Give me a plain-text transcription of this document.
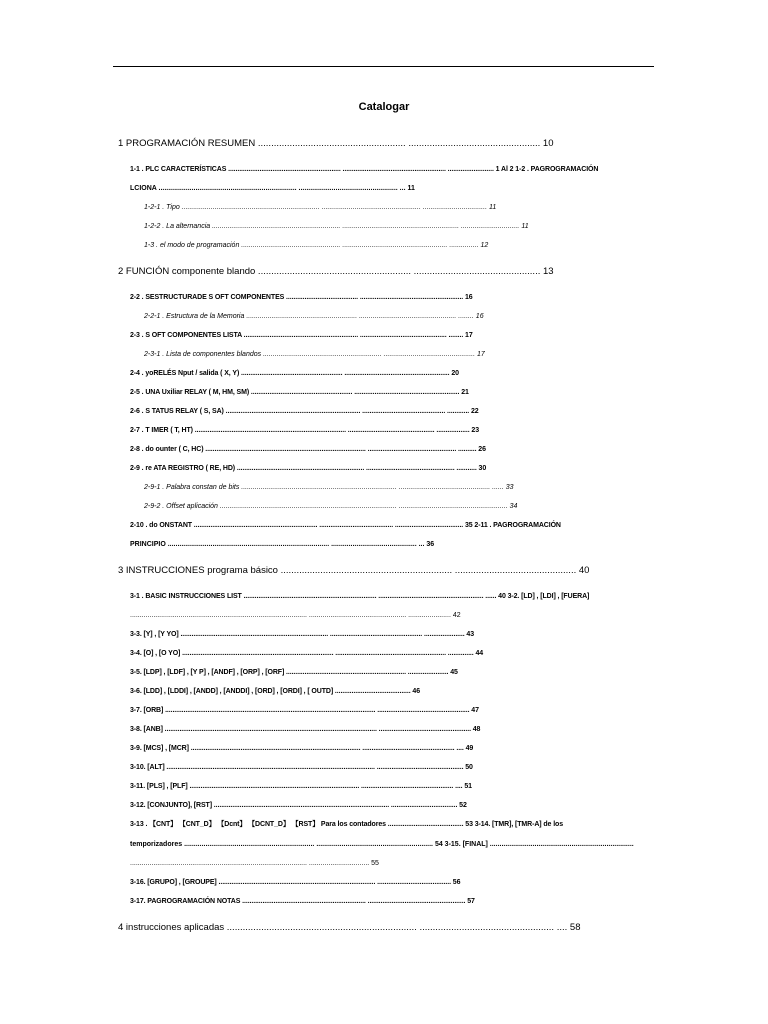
Catalogar
1 PROGRAMACIÓN RESUMEN ........................................................ .................................................. 10
1-1 . PLC CARACTERÍSTICAS ............................................................. ........................................................ ......................... 1 Al 2 1-2 . PAGROGRAMACIÓN
LCIONA ....................................................................... ................................................... ... 11
1-2-1 . Tipo ....................................................................... ................................................... ................................. 11
1-2-2 . La alternancia .................................................................. ............................................................ .............................. 11
1-3 . el modo de programación ................................................... ...................................................... ............... 12
2 FUNCIÓN componente blando .......................................................... ................................................ 13
2-2 . SESTRUCTURADE S OFT COMPONENTES ....................................... ........................................................ 16
2-2-1 . Estructura de la Memoria ......................................................... .................................................. ........ 16
2-3 . S OFT COMPONENTES LISTA .............................................................. ............................................... ........ 17
2-3-1 . Lista de componentes blandos ............................................................. ............................................... 17
2-4 . yoRELÉS Nput / salida ( X, Y) ....................................................... ......................................................... 20
2-5 . UNA Uxiliar RELAY ( M, HM, SM) ....................................................... ......................................................... 21
2-6 . S TATUS RELAY ( S, SA) ......................................................................... ............................................. ............ 22
2-7 . T IMER ( T, HT) .................................................................................. ............................................... .................. 23
2-8 . do ounter ( C, HC) ....................................................................................... ................................................ .......... 26
2-9 . re ATA REGISTRO ( RE, HD) ..................................................................... ................................................ ........... 30
2-9-1 . Palabra constan de bits ................................................................................ ............................................... ...... 33
2-9-2 . Offset aplicación ........................................................................................... ........................................................ 34
2-10 . do ONSTANT ................................................................... ........................................ ..................................... 35 2-11 . PAGROGRAMACIÓN
PRINCIPIO ................................................................................... ............................................ ... 36
3 INSTRUCCIONES programa básico ................................................................. .............................................. 40
3-1 . BASIC INSTRUCCIONES LIST ........................................................................ ......................................................... ...... 40 3-2. [LD] , [LDI] , [FUERA]
........................................................................................... .................................................. ...................... 42
3-3. [Y] , [Y YO] ................................................................................ .................................................. ...................... 43
3-4. [O] , [O YO] .................................................................................. ............................................................ .............. 44
3-5. [LDP] , [LDF] , [Y P] , [ANDF] , [ORP] , [ORF] ................................................................. ...................... 45
3-6. [LDD] , [LDDI] , [ANDD] , [ANDDI] , [ORD] , [ORDI] , [ OUTD] ......................................... 46
3-7. [ORB] .................................................................................................................. .................................................. 47
3-8. [ANB] ................................................................................................................... .................................................. 48
3-9. [MCS] , [MCR] ............................................................................................ .................................................. .... 49
3-10. [ALT] ................................................................................................................. ............................................... 50
3-11. [PLS] , [PLF] ............................................................................................ .................................................. .... 51
3-12. [CONJUNTO], [RST] ............................................................................................... .................................... 52
3-13 . 【CNT】 【CNT_D】 【Dcnt】 【DCNT_D】 【RST】 Para los contadores ......................................... 53 3-14. [TMR], [TMR-A] de los
temporizadores ................................................................... ............................................................ 54 3-15. [FINAL] ..........................................................................
........................................................................................... ............................... 55
3-16. [GRUPO] , [GROUPE] ..................................................................................... ........................................ 56
3-17. PAGROGRAMACIÓN NOTAS ................................................................... ..................................................... 57
4 instrucciones aplicadas ........................................................................ ................................................... .... 58
